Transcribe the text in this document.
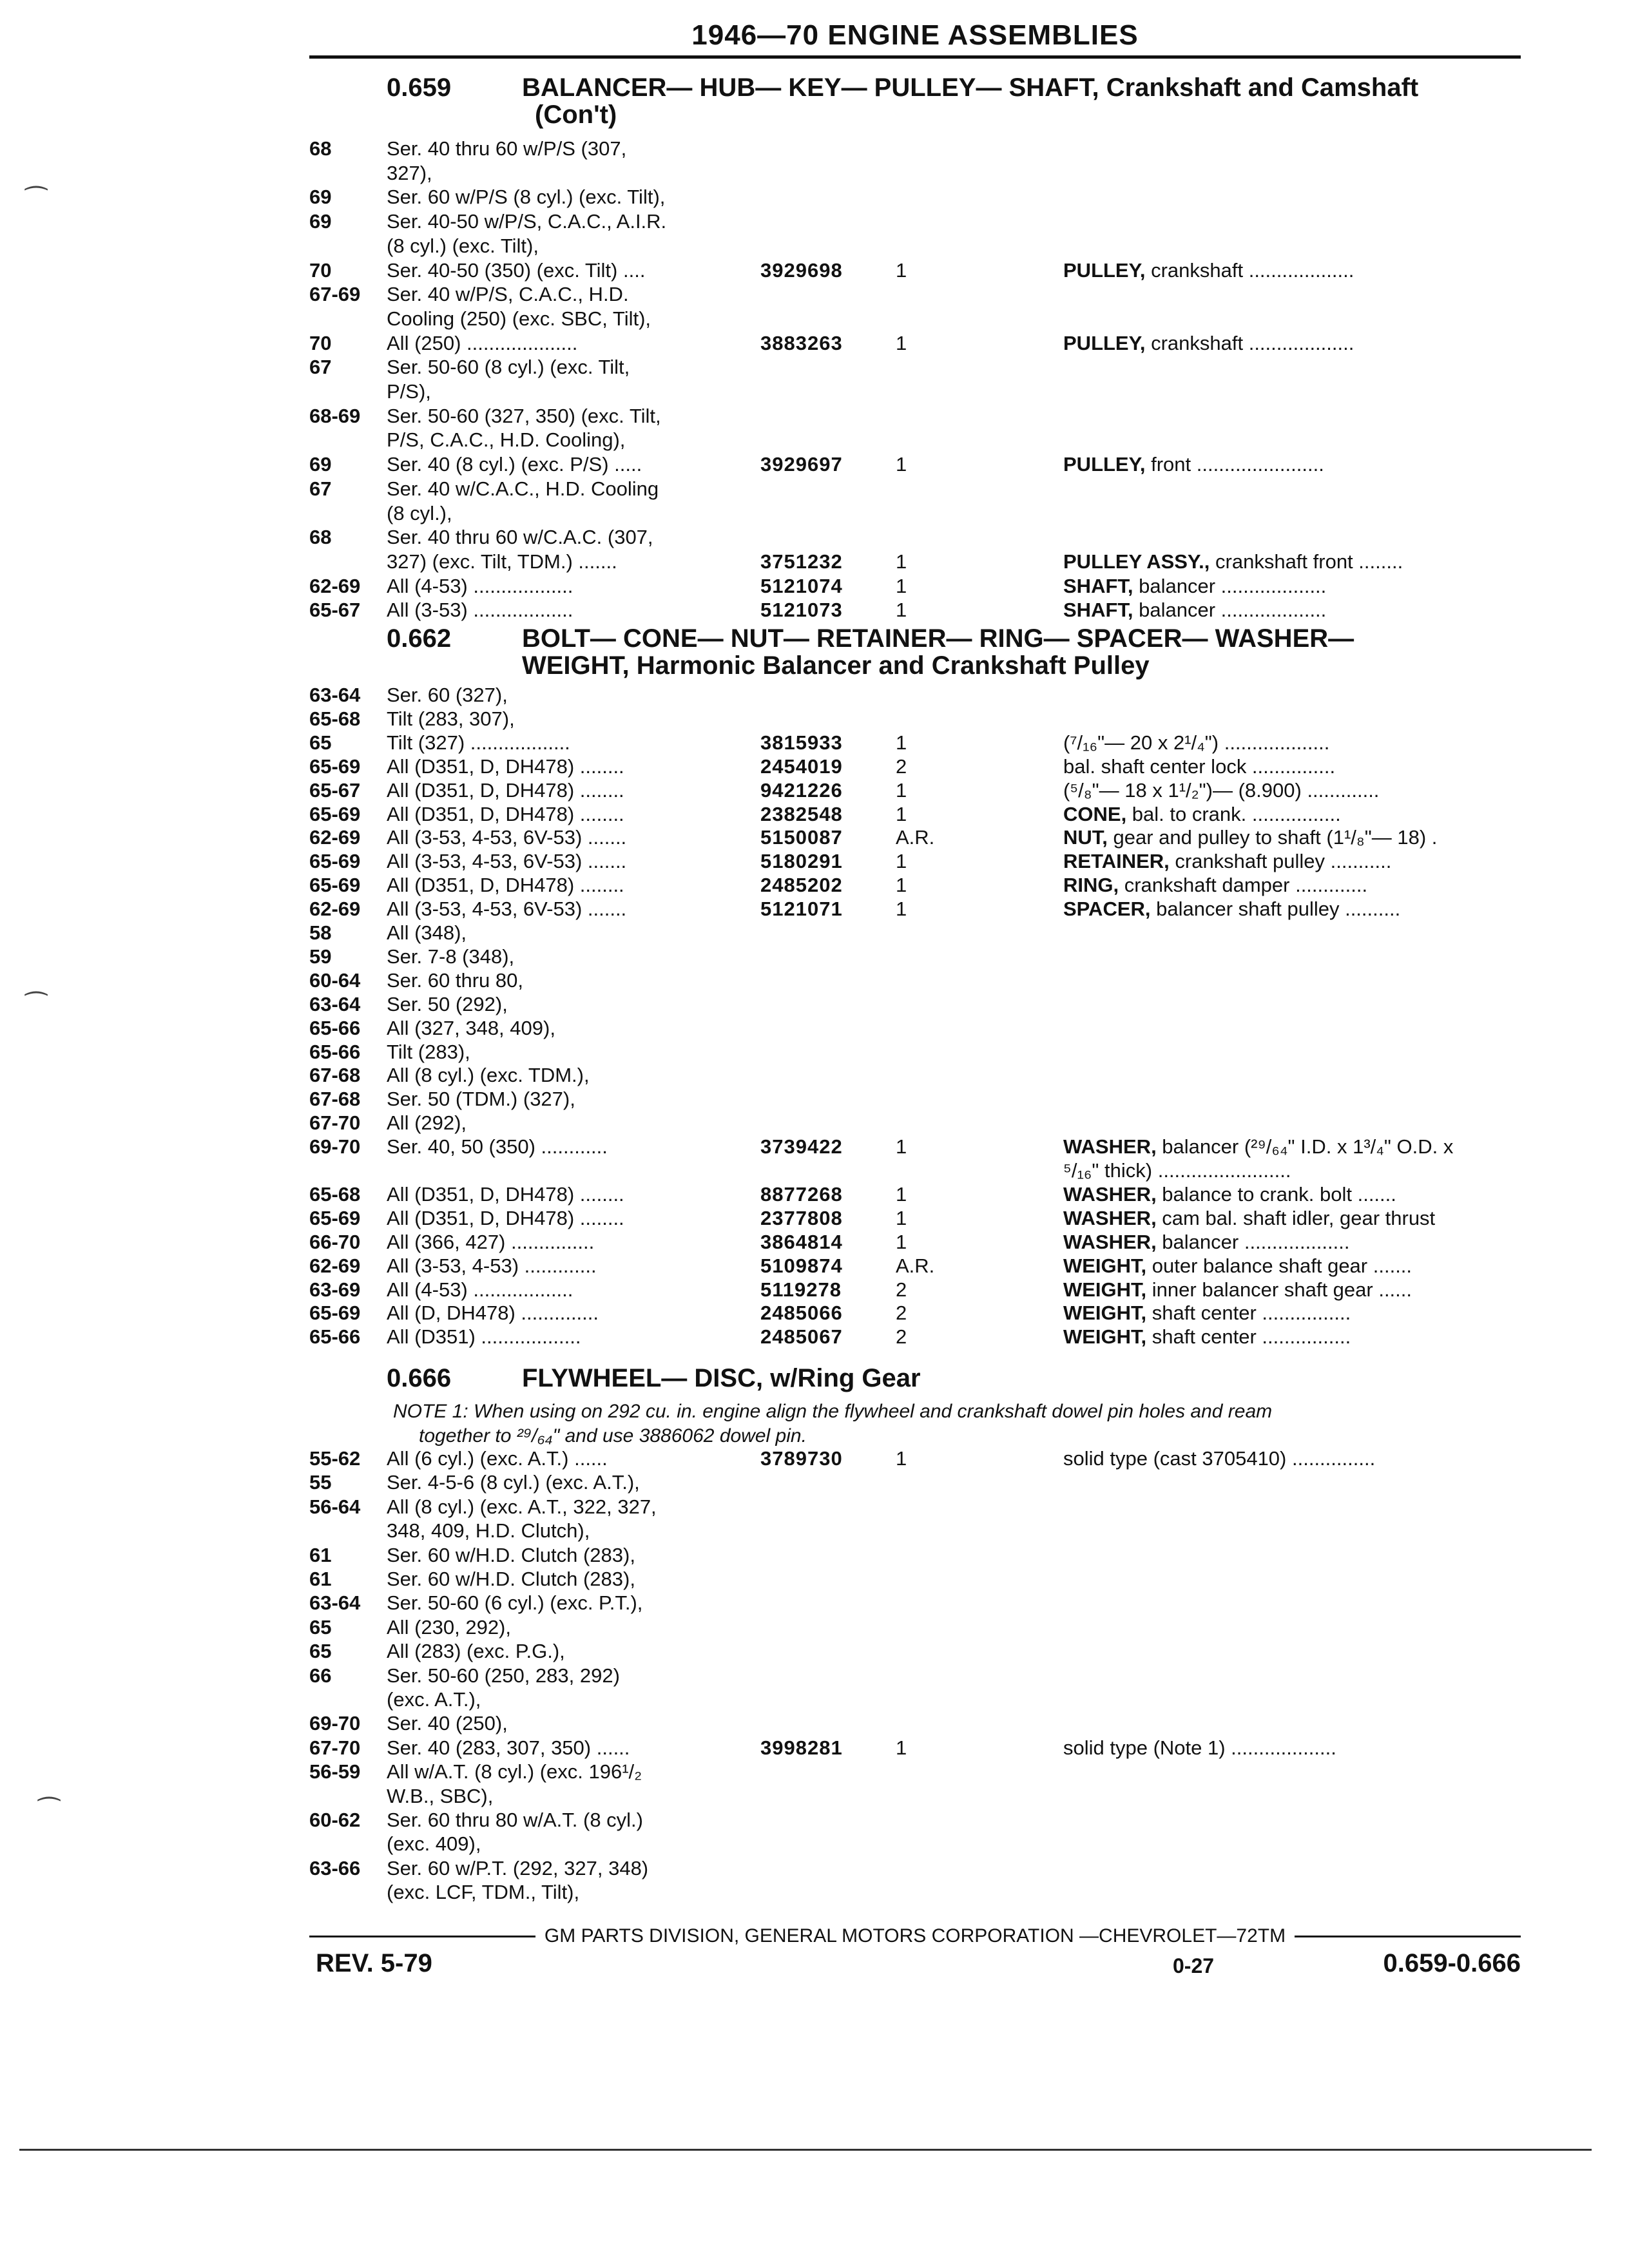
1946—70 ENGINE ASSEMBLIES
0.659	BALANCER— HUB— KEY— PULLEY— SHAFT, Crankshaft and Camshaft
(Con't)
0.662	BOLT— CONE— NUT— RETAINER— RING— SPACER— WASHER—
WEIGHT, Harmonic Balancer and Crankshaft Pulley
0.666	FLYWHEEL— DISC, w/Ring Gear
NOTE 1: When using on 292 cu. in. engine align the flywheel and crankshaft dowel pin holes and ream
together to ²⁹/₆₄" and use 3886062 dowel pin.
68	Ser. 40 thru 60 w/P/S (307,
327),
69	Ser. 60 w/P/S (8 cyl.) (exc. Tilt),
69	Ser. 40-50 w/P/S, C.A.C., A.I.R.
(8 cyl.) (exc. Tilt),
70	Ser. 40-50 (350) (exc. Tilt) ....	3929698	1	PULLEY, crankshaft ...................
67-69 Ser. 40 w/P/S, C.A.C., H.D.
Cooling (250) (exc. SBC, Tilt),
70	All (250) ....................	3883263	1	PULLEY, crankshaft ...................
67	Ser. 50-60 (8 cyl.) (exc. Tilt,
P/S),
68-69 Ser. 50-60 (327, 350) (exc. Tilt,
P/S, C.A.C., H.D. Cooling),
69	Ser. 40 (8 cyl.) (exc. P/S) .....	3929697	1	PULLEY, front .......................
67	Ser. 40 w/C.A.C., H.D. Cooling
(8 cyl.),
68	Ser. 40 thru 60 w/C.A.C. (307,
327) (exc. Tilt, TDM.) .......	3751232	1	PULLEY ASSY., crankshaft front ........
62-69 All (4-53) ..................	5121074	1	SHAFT, balancer ...................
65-67 All (3-53) ..................	5121073	1	SHAFT, balancer ...................
63-64 Ser. 60 (327),
65-68 Tilt (283, 307),
65	Tilt (327) ..................	3815933	1	(⁷/₁₆"— 20 x 2¹/₄") ...................
65-69 All (D351, D, DH478) ........	2454019	2	bal. shaft center lock ...............
65-67 All (D351, D, DH478) ........	9421226	1	(⁵/₈"— 18 x 1¹/₂")— (8.900) .............
65-69 All (D351, D, DH478) ........	2382548	1	CONE, bal. to crank. ................
62-69 All (3-53, 4-53, 6V-53) .......	5150087	A.R.	NUT, gear and pulley to shaft (1¹/₈"— 18) .
65-69 All (3-53, 4-53, 6V-53) .......	5180291	1	RETAINER, crankshaft pulley ...........
65-69 All (D351, D, DH478) ........	2485202	1	RING, crankshaft damper .............
62-69 All (3-53, 4-53, 6V-53) .......	5121071	1	SPACER, balancer shaft pulley ..........
58	All (348),
59	Ser. 7-8 (348),
60-64 Ser. 60 thru 80,
63-64 Ser. 50 (292),
65-66 All (327, 348, 409),
65-66 Tilt (283),
67-68 All (8 cyl.) (exc. TDM.),
67-68 Ser. 50 (TDM.) (327),
67-70 All (292),
69-70 Ser. 40, 50 (350) ............	3739422	1	WASHER, balancer (²⁹/₆₄" I.D. x 1³/₄" O.D. x
⁵/₁₆" thick) ........................
65-68 All (D351, D, DH478) ........	8877268	1	WASHER, balance to crank. bolt .......
65-69 All (D351, D, DH478) ........	2377808	1	WASHER, cam bal. shaft idler, gear thrust
66-70 All (366, 427) ...............	3864814	1	WASHER, balancer ...................
62-69 All (3-53, 4-53) .............	5109874	A.R.	WEIGHT, outer balance shaft gear .......
63-69 All (4-53) ..................	5119278	2	WEIGHT, inner balancer shaft gear ......
65-69 All (D, DH478) ..............	2485066	2	WEIGHT, shaft center ................
65-66 All (D351) ..................	2485067	2	WEIGHT, shaft center ................
55-62 All (6 cyl.) (exc. A.T.) ......	3789730	1	solid type (cast 3705410) ...............
55	Ser. 4-5-6 (8 cyl.) (exc. A.T.),
56-64 All (8 cyl.) (exc. A.T., 322, 327,
348, 409, H.D. Clutch),
61	Ser. 60 w/H.D. Clutch (283),
61	Ser. 60 w/H.D. Clutch (283),
63-64 Ser. 50-60 (6 cyl.) (exc. P.T.),
65	All (230, 292),
65	All (283) (exc. P.G.),
66	Ser. 50-60 (250, 283, 292)
(exc. A.T.),
69-70 Ser. 40 (250),
67-70 Ser. 40 (283, 307, 350) ......	3998281	1	solid type (Note 1) ...................
56-59 All w/A.T. (8 cyl.) (exc. 196¹/₂
W.B., SBC),
60-62 Ser. 60 thru 80 w/A.T. (8 cyl.)
(exc. 409),
63-66 Ser. 60 w/P.T. (292, 327, 348)
(exc. LCF, TDM., Tilt),
GM PARTS DIVISION, GENERAL MOTORS CORPORATION —CHEVROLET—72TM
REV. 5-79	0-27	0.659-0.666
⁀
⁀
⁀
